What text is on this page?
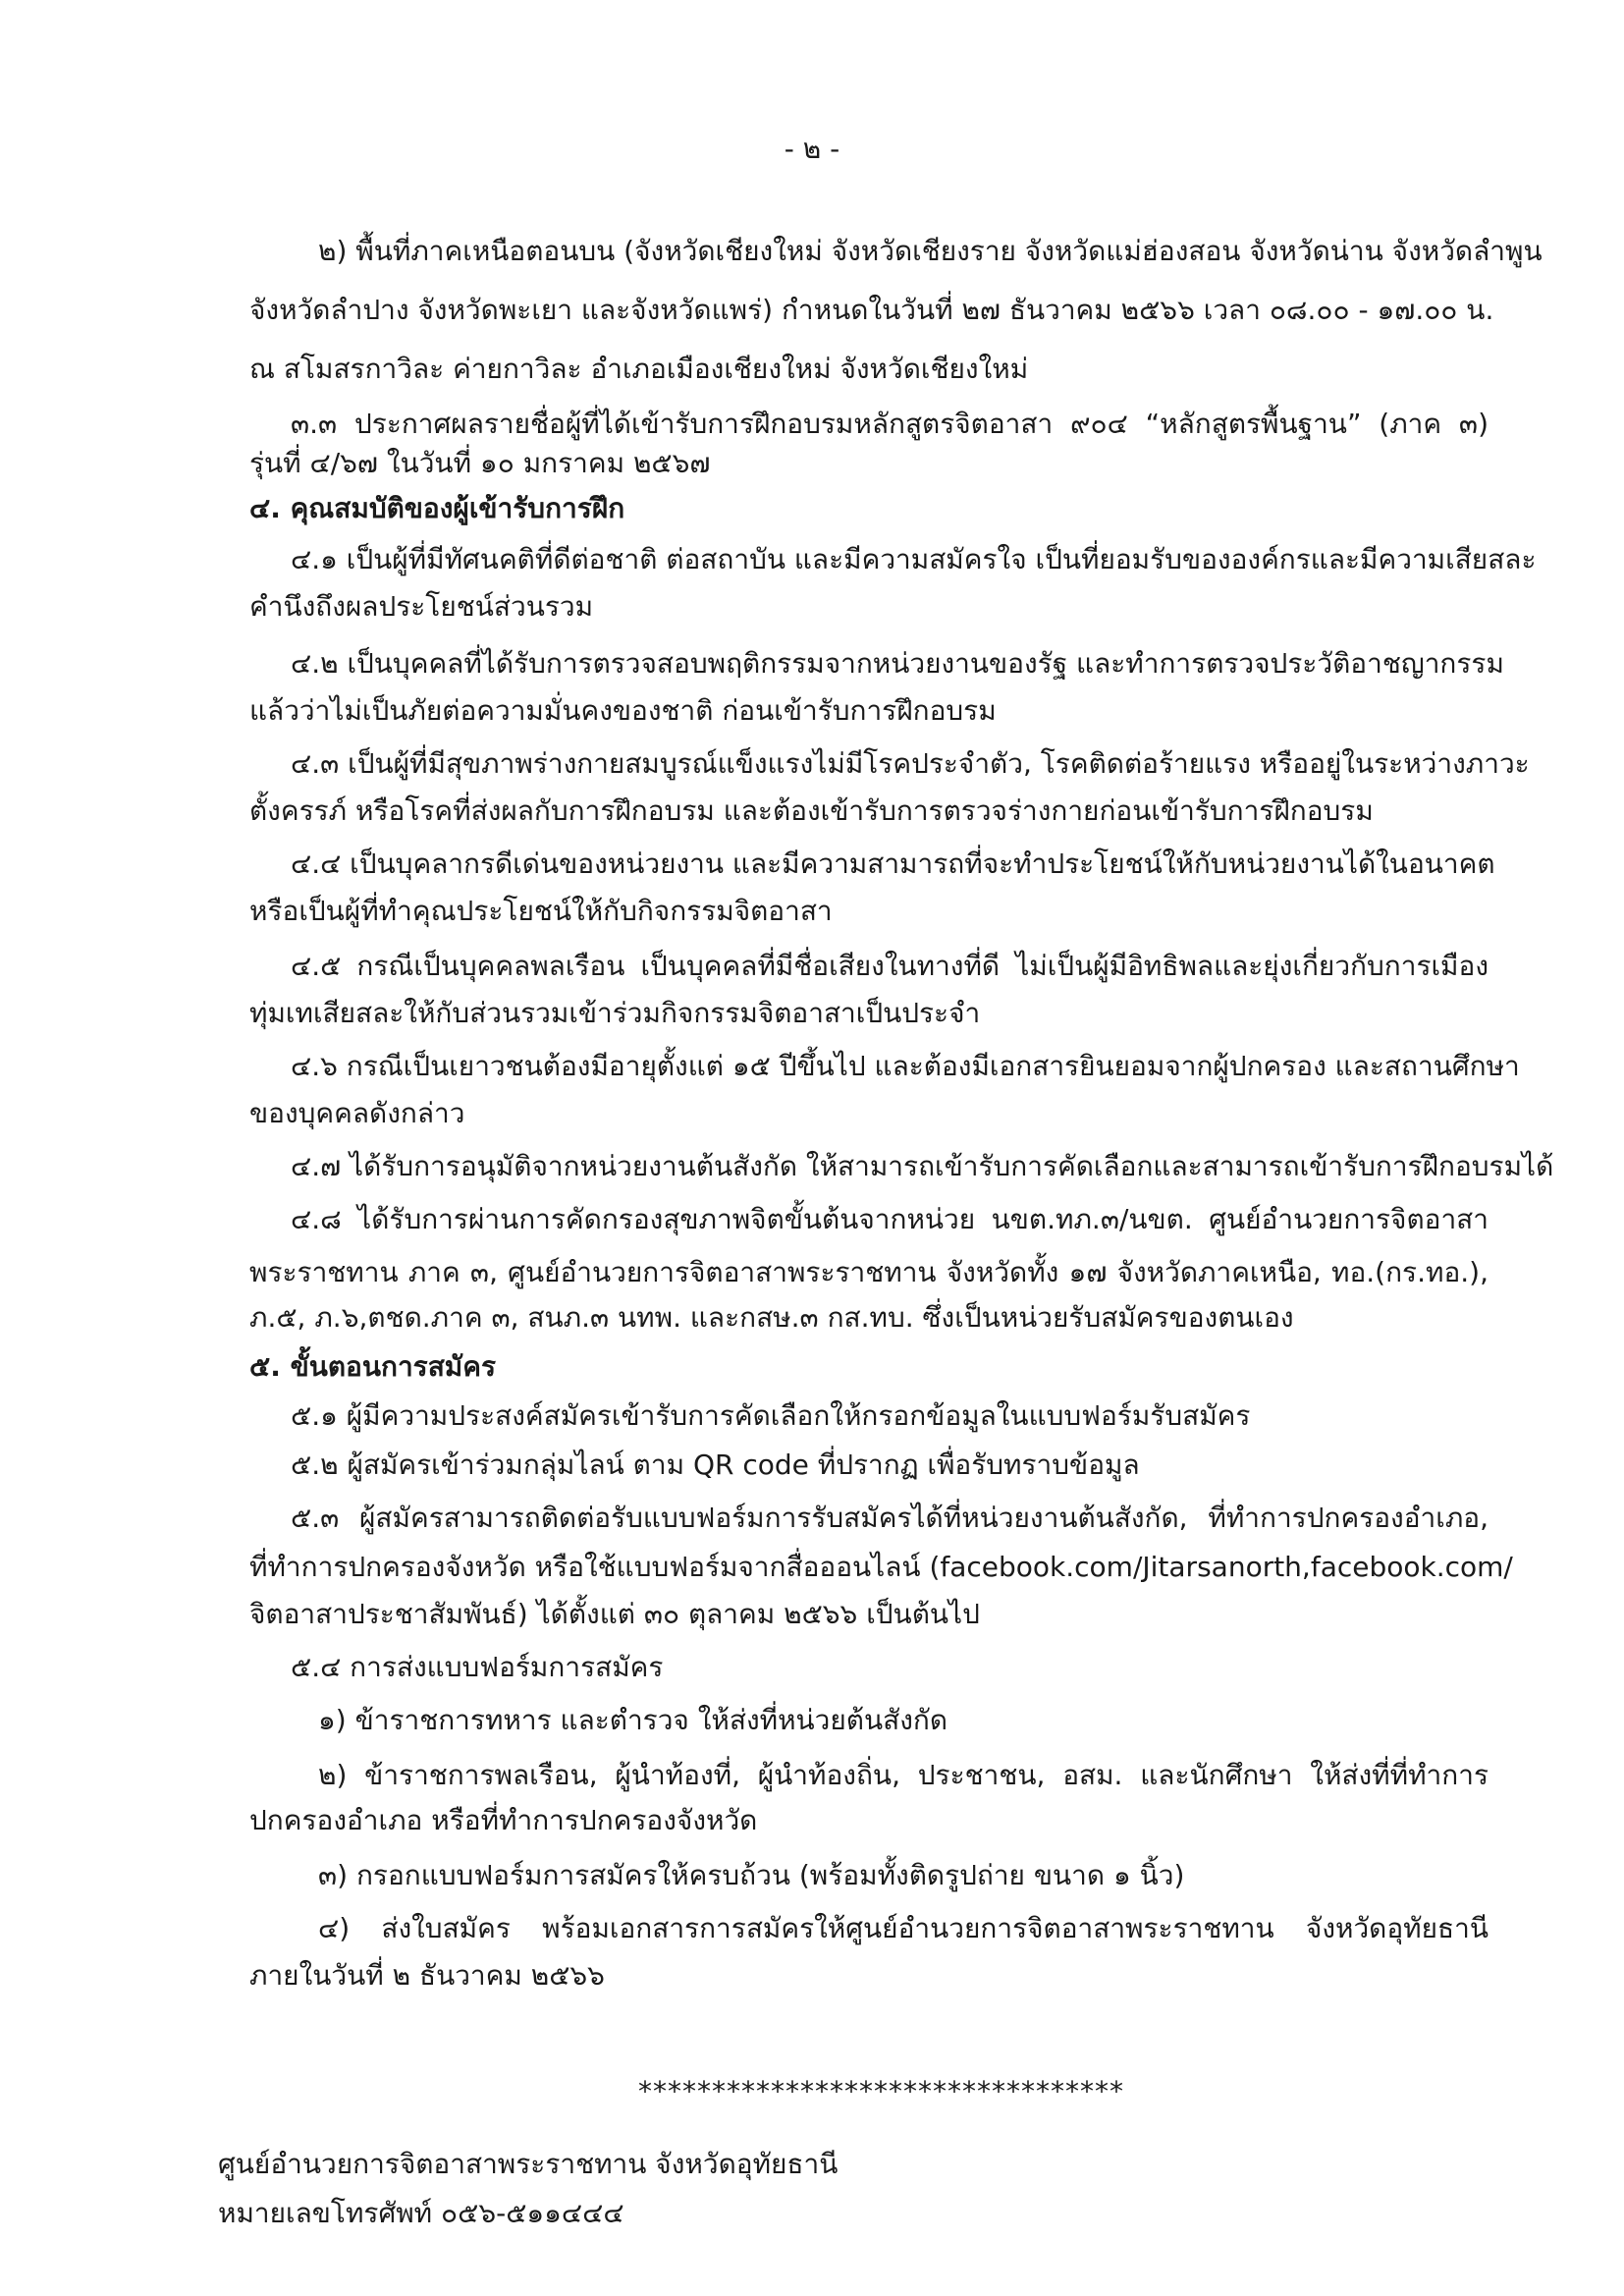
- ๒ -
๒) พื้นที่ภาคเหนือตอนบน (จังหวัดเชียงใหม่ จังหวัดเชียงราย จังหวัดแม่ฮ่องสอน จังหวัดน่าน จังหวัดลำพูน
จังหวัดลำปาง จังหวัดพะเยา และจังหวัดแพร่) กำหนดในวันที่ ๒๗ ธันวาคม ๒๕๖๖ เวลา ๐๘.๐๐ - ๑๗.๐๐ น.
ณ สโมสรกาวิละ ค่ายกาวิละ อำเภอเมืองเชียงใหม่ จังหวัดเชียงใหม่
๓.๓ ประกาศผลรายชื่อผู้ที่ได้เข้ารับการฝึกอบรมหลักสูตรจิตอาสา ๙๐๔ “หลักสูตรพื้นฐาน” (ภาค ๓)
รุ่นที่ ๔/๖๗ ในวันที่ ๑๐ มกราคม ๒๕๖๗
๔. คุณสมบัติของผู้เข้ารับการฝึก
๔.๑ เป็นผู้ที่มีทัศนคติที่ดีต่อชาติ ต่อสถาบัน และมีความสมัครใจ เป็นที่ยอมรับขององค์กรและมีความเสียสละ
คำนึงถึงผลประโยชน์ส่วนรวม
๔.๒ เป็นบุคคลที่ได้รับการตรวจสอบพฤติกรรมจากหน่วยงานของรัฐ และทำการตรวจประวัติอาชญากรรม
แล้วว่าไม่เป็นภัยต่อความมั่นคงของชาติ ก่อนเข้ารับการฝึกอบรม
๔.๓ เป็นผู้ที่มีสุขภาพร่างกายสมบูรณ์แข็งแรงไม่มีโรคประจำตัว, โรคติดต่อร้ายแรง หรืออยู่ในระหว่างภาวะ
ตั้งครรภ์ หรือโรคที่ส่งผลกับการฝึกอบรม และต้องเข้ารับการตรวจร่างกายก่อนเข้ารับการฝึกอบรม
๔.๔ เป็นบุคลากรดีเด่นของหน่วยงาน และมีความสามารถที่จะทำประโยชน์ให้กับหน่วยงานได้ในอนาคต
หรือเป็นผู้ที่ทำคุณประโยชน์ให้กับกิจกรรมจิตอาสา
๔.๕ กรณีเป็นบุคคลพลเรือน เป็นบุคคลที่มีชื่อเสียงในทางที่ดี ไม่เป็นผู้มีอิทธิพลและยุ่งเกี่ยวกับการเมือง
ทุ่มเทเสียสละให้กับส่วนรวมเข้าร่วมกิจกรรมจิตอาสาเป็นประจำ
๔.๖ กรณีเป็นเยาวชนต้องมีอายุตั้งแต่ ๑๕ ปีขึ้นไป และต้องมีเอกสารยินยอมจากผู้ปกครอง และสถานศึกษา
ของบุคคลดังกล่าว
๔.๗ ได้รับการอนุมัติจากหน่วยงานต้นสังกัด ให้สามารถเข้ารับการคัดเลือกและสามารถเข้ารับการฝึกอบรมได้
๔.๘ ได้รับการผ่านการคัดกรองสุขภาพจิตขั้นต้นจากหน่วย นขต.ทภ.๓/นขต. ศูนย์อำนวยการจิตอาสา
พระราชทาน ภาค ๓, ศูนย์อำนวยการจิตอาสาพระราชทาน จังหวัดทั้ง ๑๗ จังหวัดภาคเหนือ, ทอ.(กร.ทอ.),
ภ.๕, ภ.๖,ตชด.ภาค ๓, สนภ.๓ นทพ. และกสษ.๓ กส.ทบ. ซึ่งเป็นหน่วยรับสมัครของตนเอง
๕. ขั้นตอนการสมัคร
๕.๑ ผู้มีความประสงค์สมัครเข้ารับการคัดเลือกให้กรอกข้อมูลในแบบฟอร์มรับสมัคร
๕.๒ ผู้สมัครเข้าร่วมกลุ่มไลน์ ตาม QR code ที่ปรากฏ เพื่อรับทราบข้อมูล
๕.๓ ผู้สมัครสามารถติดต่อรับแบบฟอร์มการรับสมัครได้ที่หน่วยงานต้นสังกัด, ที่ทำการปกครองอำเภอ,
ที่ทำการปกครองจังหวัด หรือใช้แบบฟอร์มจากสื่อออนไลน์ (facebook.com/Jitarsanorth,facebook.com/
จิตอาสาประชาสัมพันธ์) ได้ตั้งแต่ ๓๐ ตุลาคม ๒๕๖๖ เป็นต้นไป
๕.๔ การส่งแบบฟอร์มการสมัคร
๑) ข้าราชการทหาร และตำรวจ ให้ส่งที่หน่วยต้นสังกัด
๒) ข้าราชการพลเรือน, ผู้นำท้องที่, ผู้นำท้องถิ่น, ประชาชน, อสม. และนักศึกษา ให้ส่งที่ที่ทำการ
ปกครองอำเภอ หรือที่ทำการปกครองจังหวัด
๓) กรอกแบบฟอร์มการสมัครให้ครบถ้วน (พร้อมทั้งติดรูปถ่าย ขนาด ๑ นิ้ว)
๔) ส่งใบสมัคร พร้อมเอกสารการสมัครให้ศูนย์อำนวยการจิตอาสาพระราชทาน จังหวัดอุทัยธานี
ภายในวันที่ ๒ ธันวาคม ๒๕๖๖
*********************************
ศูนย์อำนวยการจิตอาสาพระราชทาน จังหวัดอุทัยธานี
หมายเลขโทรศัพท์ ๐๕๖-๕๑๑๔๔๔
